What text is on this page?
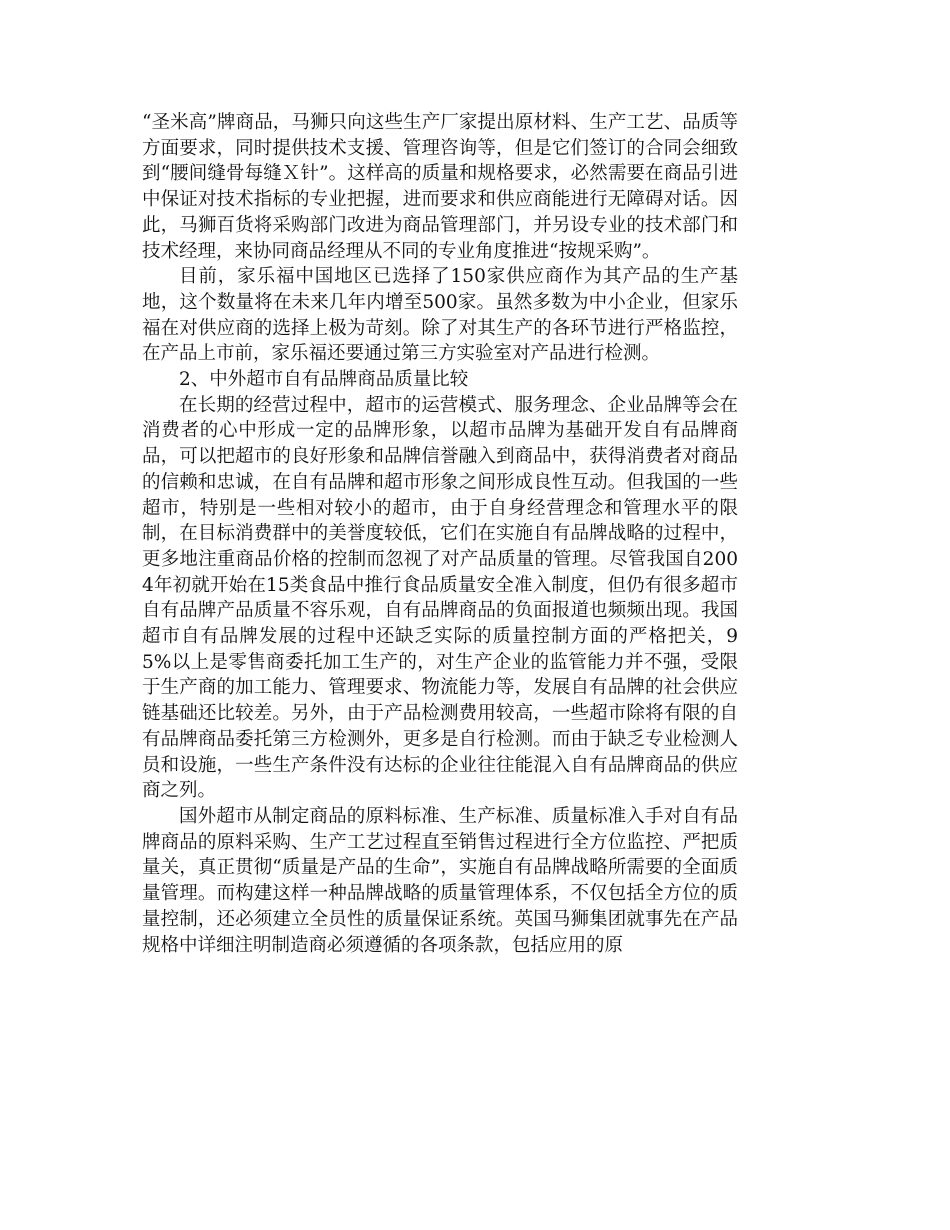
“圣米高”牌商品，马狮只向这些生产厂家提出原材料、生产工艺、品质等方面要求，同时提供技术支援、管理咨询等，但是它们签订的合同会细致到“腰间缝骨每缝Ｘ针”。这样高的质量和规格要求，必然需要在商品引进中保证对技术指标的专业把握，进而要求和供应商能进行无障碍对话。因此，马狮百货将采购部门改进为商品管理部门，并另设专业的技术部门和技术经理，来协同商品经理从不同的专业角度推进“按规采购”。

目前，家乐福中国地区已选择了150家供应商作为其产品的生产基地，这个数量将在未来几年内增至500家。虽然多数为中小企业，但家乐福在对供应商的选择上极为苛刻。除了对其生产的各环节进行严格监控，在产品上市前，家乐福还要通过第三方实验室对产品进行检测。

2、中外超市自有品牌商品质量比较

在长期的经营过程中，超市的运营模式、服务理念、企业品牌等会在消费者的心中形成一定的品牌形象，以超市品牌为基础开发自有品牌商品，可以把超市的良好形象和品牌信誉融入到商品中，获得消费者对商品的信赖和忠诚，在自有品牌和超市形象之间形成良性互动。但我国的一些超市，特别是一些相对较小的超市，由于自身经营理念和管理水平的限制，在目标消费群中的美誉度较低，它们在实施自有品牌战略的过程中，更多地注重商品价格的控制而忽视了对产品质量的管理。尽管我国自2004年初就开始在15类食品中推行食品质量安全准入制度，但仍有很多超市自有品牌产品质量不容乐观，自有品牌商品的负面报道也频频出现。我国超市自有品牌发展的过程中还缺乏实际的质量控制方面的严格把关，95%以上是零售商委托加工生产的，对生产企业的监管能力并不强，受限于生产商的加工能力、管理要求、物流能力等，发展自有品牌的社会供应链基础还比较差。另外，由于产品检测费用较高，一些超市除将有限的自有品牌商品委托第三方检测外，更多是自行检测。而由于缺乏专业检测人员和设施，一些生产条件没有达标的企业往往能混入自有品牌商品的供应商之列。

国外超市从制定商品的原料标准、生产标准、质量标准入手对自有品牌商品的原料采购、生产工艺过程直至销售过程进行全方位监控、严把质量关，真正贯彻“质量是产品的生命”，实施自有品牌战略所需要的全面质量管理。而构建这样一种品牌战略的质量管理体系，不仅包括全方位的质量控制，还必须建立全员性的质量保证系统。英国马狮集团就事先在产品规格中详细注明制造商必须遵循的各项条款，包括应用的原
